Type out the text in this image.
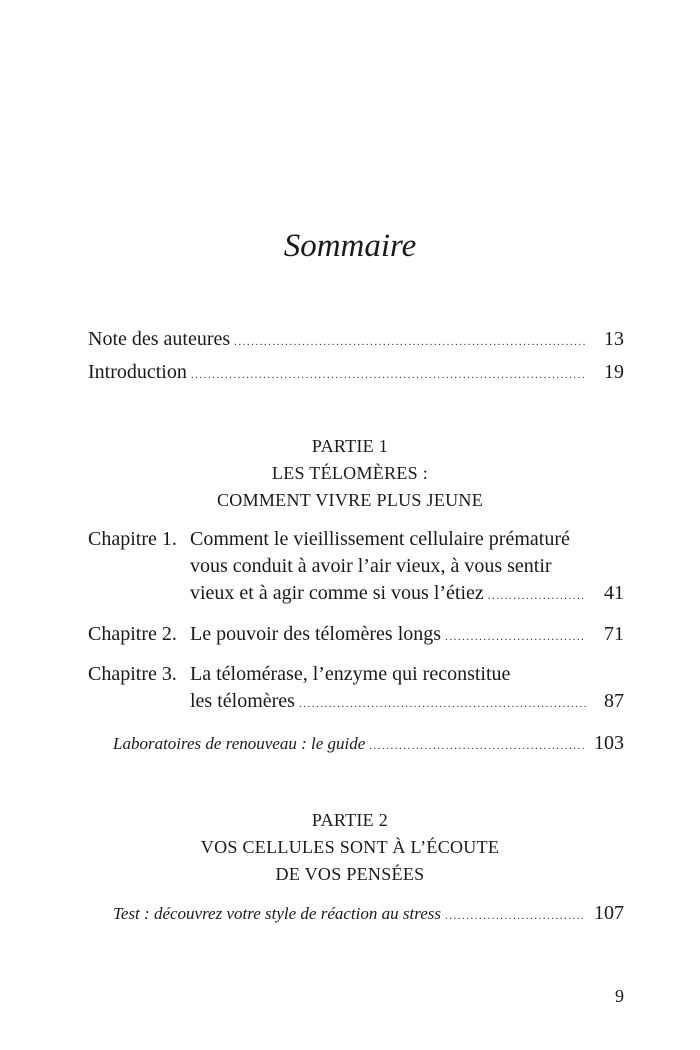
Sommaire
Note des auteures .....	13
Introduction .....	19
PARTIE 1
LES TÉLOMÈRES :
COMMENT VIVRE PLUS JEUNE
Chapitre 1. Comment le vieillissement cellulaire prématuré
vous conduit à avoir l’air vieux, à vous sentir
vieux et à agir comme si vous l’étiez .....	41
Chapitre 2. Le pouvoir des télomères longs .....	71
Chapitre 3. La télomérase, l’enzyme qui reconstitue
les télomères .....	87
Laboratoires de renouveau : le guide .....	103
PARTIE 2
VOS CELLULES SONT À L’ÉCOUTE
DE VOS PENSÉES
Test : découvrez votre style de réaction au stress .....	107
9
